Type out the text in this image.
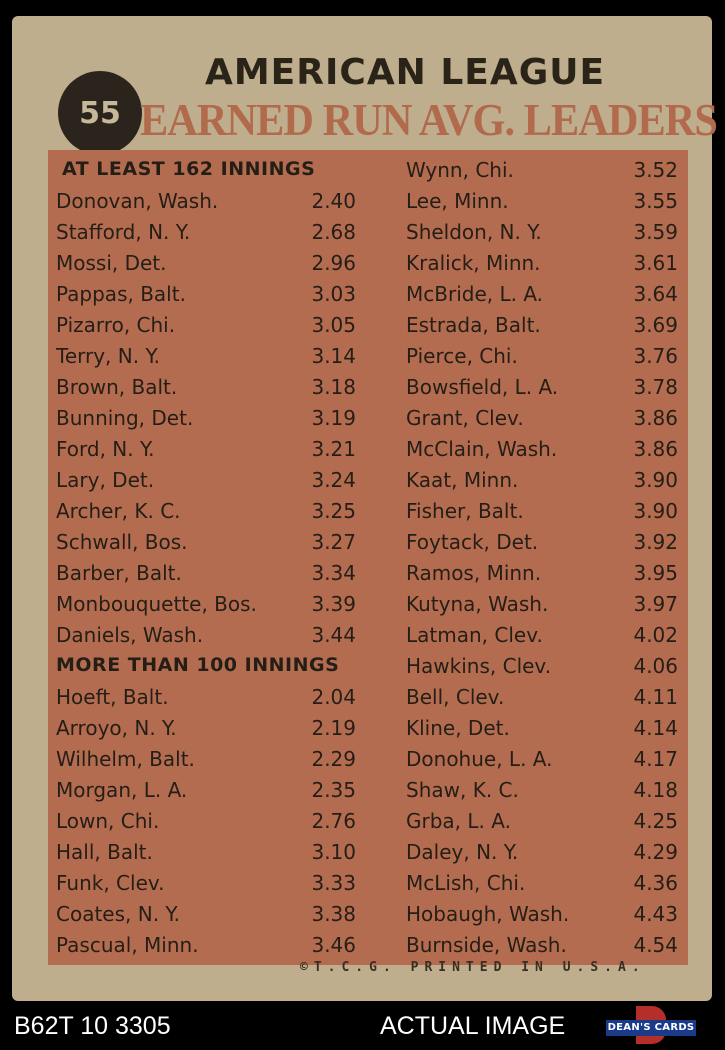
55
AMERICAN LEAGUE
EARNED RUN AVG. LEADERS
AT LEAST 162 INNINGS
Donovan, Wash.	2.40
Stafford, N. Y.	2.68
Mossi, Det.	2.96
Pappas, Balt.	3.03
Pizarro, Chi.	3.05
Terry, N. Y.	3.14
Brown, Balt.	3.18
Bunning, Det.	3.19
Ford, N. Y.	3.21
Lary, Det.	3.24
Archer, K. C.	3.25
Schwall, Bos.	3.27
Barber, Balt.	3.34
Monbouquette, Bos.	3.39
Daniels, Wash.	3.44
MORE THAN 100 INNINGS
Hoeft, Balt.	2.04
Arroyo, N. Y.	2.19
Wilhelm, Balt.	2.29
Morgan, L. A.	2.35
Lown, Chi.	2.76
Hall, Balt.	3.10
Funk, Clev.	3.33
Coates, N. Y.	3.38
Pascual, Minn.	3.46
Wynn, Chi.	3.52
Lee, Minn.	3.55
Sheldon, N. Y.	3.59
Kralick, Minn.	3.61
McBride, L. A.	3.64
Estrada, Balt.	3.69
Pierce, Chi.	3.76
Bowsfield, L. A.	3.78
Grant, Clev.	3.86
McClain, Wash.	3.86
Kaat, Minn.	3.90
Fisher, Balt.	3.90
Foytack, Det.	3.92
Ramos, Minn.	3.95
Kutyna, Wash.	3.97
Latman, Clev.	4.02
Hawkins, Clev.	4.06
Bell, Clev.	4.11
Kline, Det.	4.14
Donohue, L. A.	4.17
Shaw, K. C.	4.18
Grba, L. A.	4.25
Daley, N. Y.	4.29
McLish, Chi.	4.36
Hobaugh, Wash.	4.43
Burnside, Wash.	4.54
©T.C.G. PRINTED IN U.S.A.
B62T 10 3305	ACTUAL IMAGE	DEAN'S CARDS
